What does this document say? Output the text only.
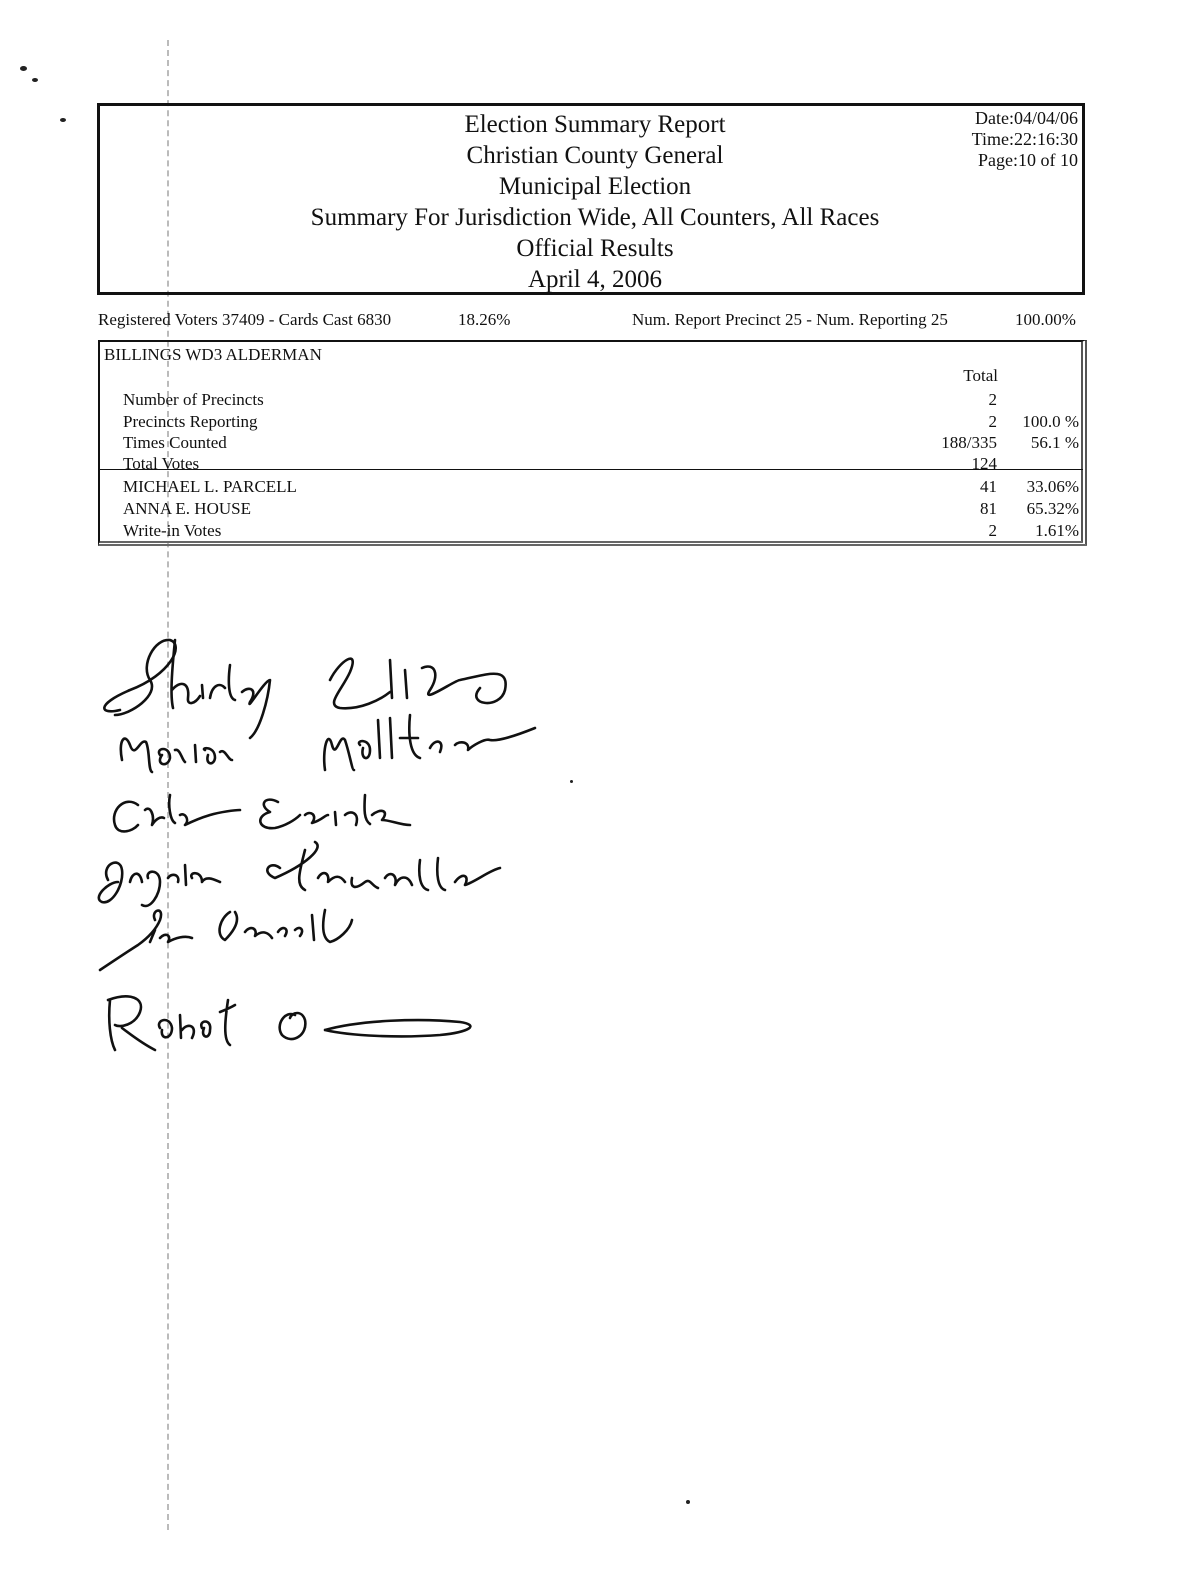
Election Summary Report
Christian County General
Municipal Election
Summary For Jurisdiction Wide, All Counters, All Races
Official Results
April 4, 2006
Date:04/04/06
Time:22:16:30
Page:10 of 10
Registered Voters 37409 - Cards Cast 6830	18.26%	Num. Report Precinct 25 - Num. Reporting 25	100.00%
BILLINGS WD3 ALDERMAN
Total
Number of Precincts	2
Precincts Reporting	2 100.0 %
Times Counted	188/335 56.1 %
Total Votes	124
MICHAEL L. PARCELL	41 33.06%
ANNA E. HOUSE	81 65.32%
Write-in Votes	2 1.61%
